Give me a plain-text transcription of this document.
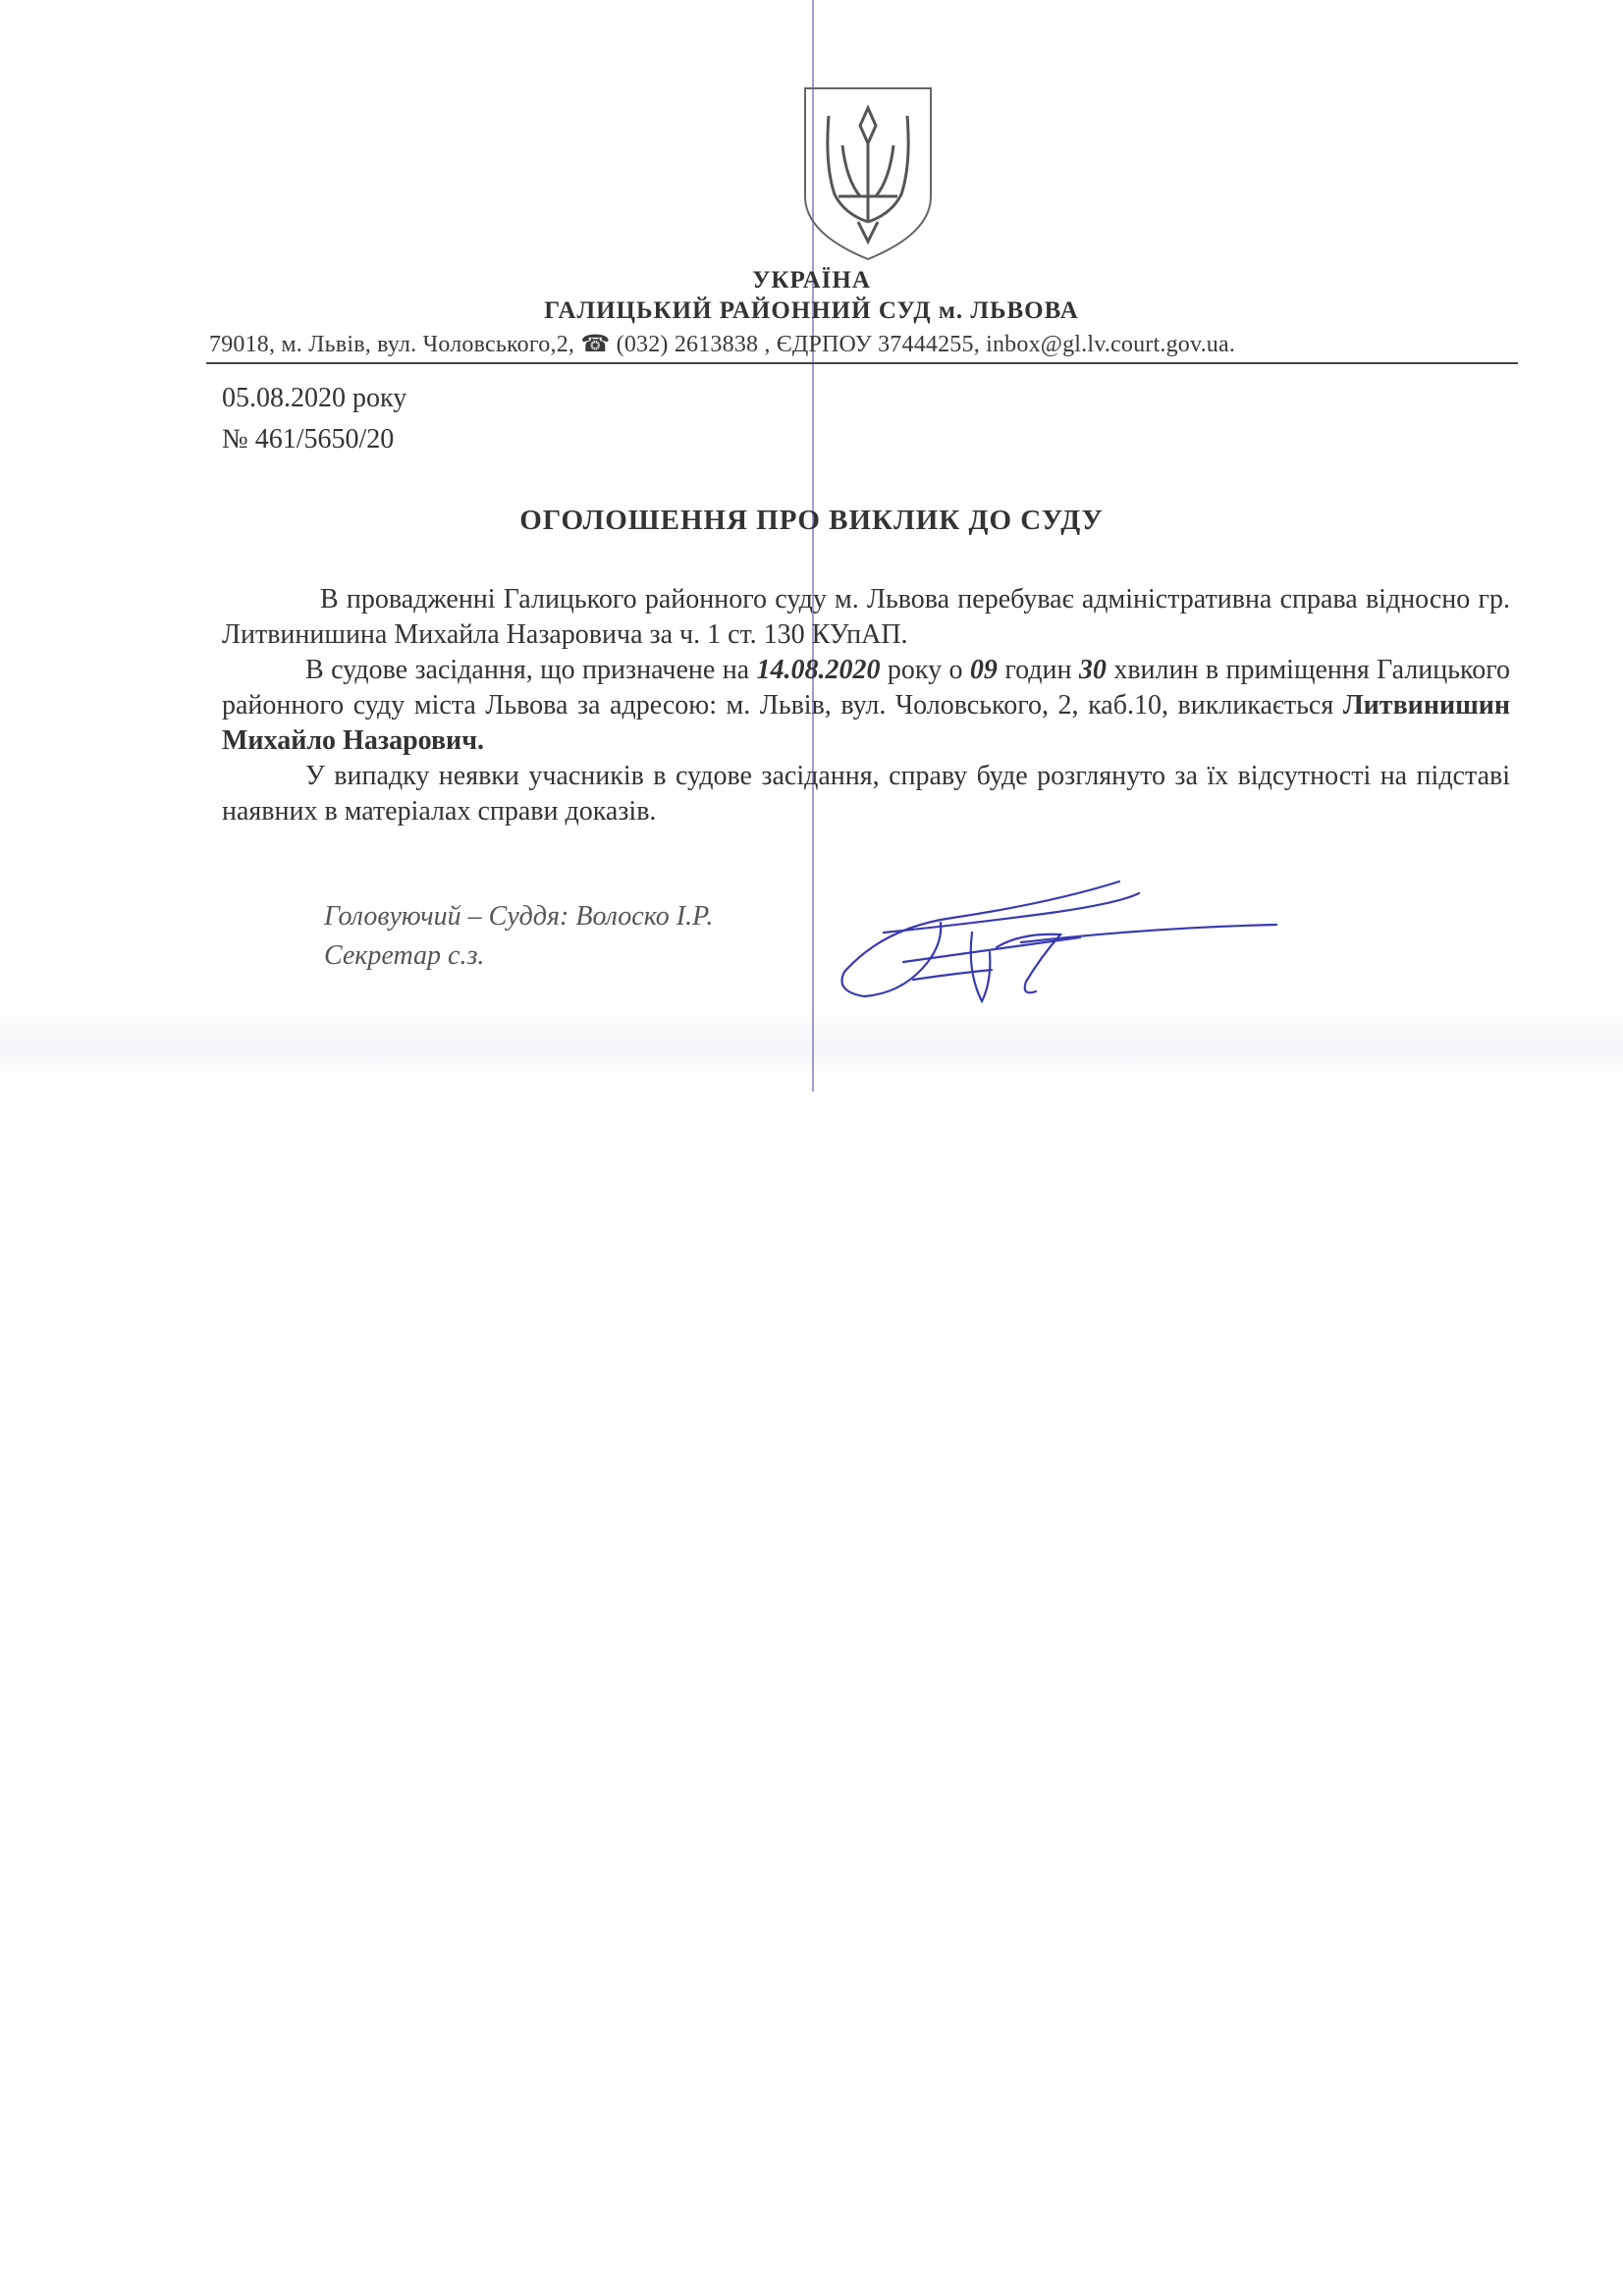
УКРАЇНА
ГАЛИЦЬКИЙ РАЙОННИЙ СУД м. ЛЬВОВА
79018, м. Львів, вул. Чоловського,2, ☎ (032) 2613838 , ЄДРПОУ 37444255, inbox@gl.lv.court.gov.ua.
05.08.2020 року
№ 461/5650/20
ОГОЛОШЕННЯ ПРО ВИКЛИК ДО СУДУ

В провадженні Галицького районного суду м. Львова перебуває адміністративна справа відносно гр. Литвинишина Михайла Назаровича за ч. 1 ст. 130 КУпАП.

В судове засідання, що призначене на 14.08.2020 року о 09 годин 30 хвилин в приміщення Галицького районного суду міста Львова за адресою: м. Львів, вул. Чоловського, 2, каб.10, викликається Литвинишин Михайло Назарович.

У випадку неявки учасників в судове засідання, справу буде розглянуто за їх відсутності на підставі наявних в матеріалах справи доказів.

Головуючий – Суддя: Волоско І.Р.
Секретар с.з.
